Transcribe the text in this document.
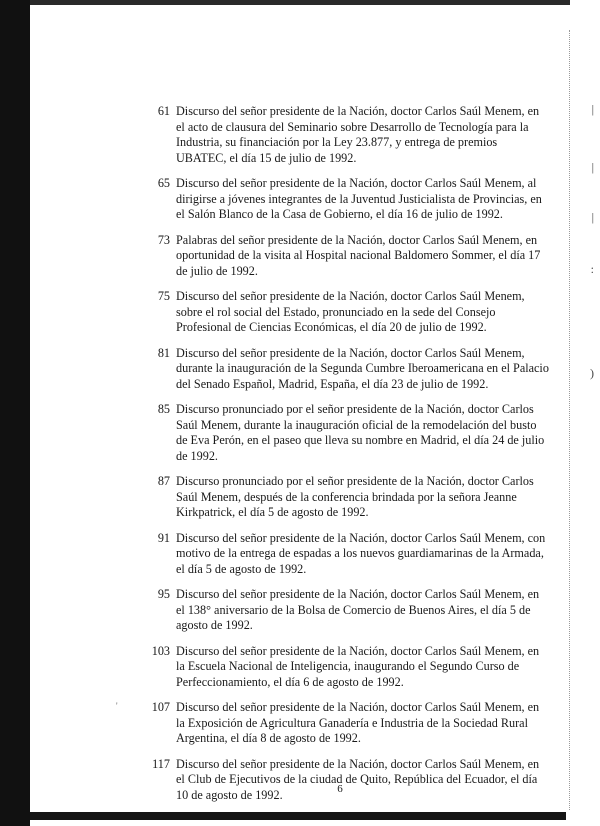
|
|
|
:
)
'
61 Discurso del señor presidente de la Nación, doctor Carlos Saúl Menem, en el acto de clausura del Seminario sobre Desarrollo de Tecnología para la Industria, su financiación por la Ley 23.877, y entrega de premios UBATEC, el día 15 de julio de 1992.
65 Discurso del señor presidente de la Nación, doctor Carlos Saúl Menem, al dirigirse a jóvenes integrantes de la Juventud Justicialista de Provincias, en el Salón Blanco de la Casa de Gobierno, el día 16 de julio de 1992.
73 Palabras del señor presidente de la Nación, doctor Carlos Saúl Menem, en oportunidad de la visita al Hospital nacional Baldomero Sommer, el día 17 de julio de 1992.
75 Discurso del señor presidente de la Nación, doctor Carlos Saúl Menem, sobre el rol social del Estado, pronunciado en la sede del Consejo Profesional de Ciencias Económicas, el día 20 de julio de 1992.
81 Discurso del señor presidente de la Nación, doctor Carlos Saúl Menem, durante la inauguración de la Segunda Cumbre Iberoamericana en el Palacio del Senado Español, Madrid, España, el día 23 de julio de 1992.
85 Discurso pronunciado por el señor presidente de la Nación, doctor Carlos Saúl Menem, durante la inauguración oficial de la remodelación del busto de Eva Perón, en el paseo que lleva su nombre en Madrid, el día 24 de julio de 1992.
87 Discurso pronunciado por el señor presidente de la Nación, doctor Carlos Saúl Menem, después de la conferencia brindada por la señora Jeanne Kirkpatrick, el día 5 de agosto de 1992.
91 Discurso del señor presidente de la Nación, doctor Carlos Saúl Menem, con motivo de la entrega de espadas a los nuevos guardiamarinas de la Armada, el día 5 de agosto de 1992.
95 Discurso del señor presidente de la Nación, doctor Carlos Saúl Menem, en el 138° aniversario de la Bolsa de Comercio de Buenos Aires, el día 5 de agosto de 1992.
103 Discurso del señor presidente de la Nación, doctor Carlos Saúl Menem, en la Escuela Nacional de Inteligencia, inaugurando el Segundo Curso de Perfeccionamiento, el día 6 de agosto de 1992.
107 Discurso del señor presidente de la Nación, doctor Carlos Saúl Menem, en la Exposición de Agricultura Ganadería e Industria de la Sociedad Rural Argentina, el día 8 de agosto de 1992.
117 Discurso del señor presidente de la Nación, doctor Carlos Saúl Menem, en el Club de Ejecutivos de la ciudad de Quito, República del Ecuador, el día 10 de agosto de 1992.	6
